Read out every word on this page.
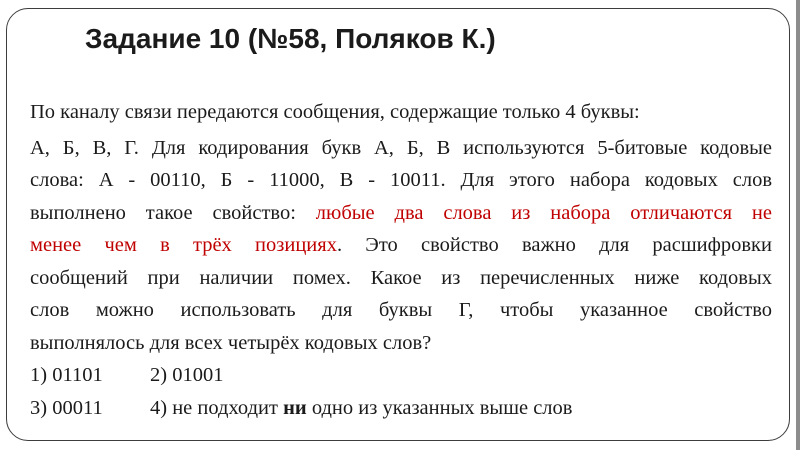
Задание 10 (№58, Поляков К.)
По каналу связи передаются сообщения, содержащие только 4 буквы:
А, Б, В, Г. Для кодирования букв А, Б, В используются 5-битовые кодовые
слова: А - 00110, Б - 11000, В - 10011. Для этого набора кодовых слов
выполнено такое свойство: любые два слова из набора отличаются не
менее чем в трёх позициях. Это свойство важно для расшифровки
сообщений при наличии помех. Какое из перечисленных ниже кодовых
слов можно использовать для буквы Г, чтобы указанное свойство
выполнялось для всех четырёх кодовых слов?
1) 01101	2) 01001
3) 00011	4) не подходит ни одно из указанных выше слов
